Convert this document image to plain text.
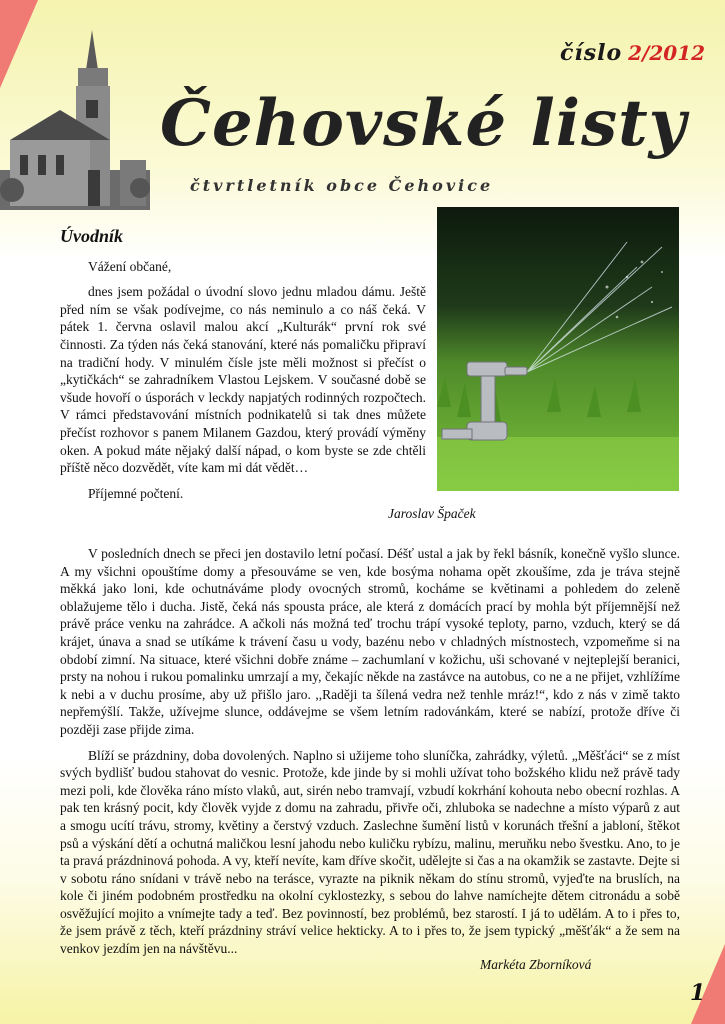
číslo 2/2012
Čehovské listy
čtvrtletník obce Čehovice
Úvodník

Vážení občané,

dnes jsem požádal o úvodní slovo jednu mladou dámu. Ještě před ním se však podívejme, co nás neminulo a co náš čeká. V pátek 1. června oslavil malou akcí „Kulturák“ první rok své činnosti. Za týden nás čeká stanování, které nás pomaličku připraví na tradiční hody. V minulém čísle jste měli možnost si přečíst o „kytičkách“ se zahradníkem Vlastou Lejskem. V současné době se všude hovoří o úsporách v leckdy napjatých rodinných rozpočtech. V rámci představování místních podnikatelů si tak dnes můžete přečíst rozhovor s panem Milanem Gazdou, který provádí výměny oken. A pokud máte nějaký další nápad, o kom byste se zde chtěli příště něco dozvědět, víte kam mi dát vědět…

Příjemné počtení.

Jaroslav Špaček

V posledních dnech se přeci jen dostavilo letní počasí. Déšť ustal a jak by řekl básník, konečně vyšlo slunce. A my všichni opouštíme domy a přesouváme se ven, kde bosýma nohama opět zkoušíme, zda je tráva stejně měkká jako loni, kde ochutnáváme plody ovocných stromů, kocháme se květinami a pohledem do zeleně oblažujeme tělo i ducha. Jistě, čeká nás spousta práce, ale která z domácích prací by mohla být příjemnější než právě práce venku na zahrádce. A ačkoli nás možná teď trochu trápí vysoké teploty, parno, vzduch, který se dá krájet, únava a snad se utíkáme k trávení času u vody, bazénu nebo v chladných místnostech, vzpomeňme si na období zimní. Na situace, které všichni dobře známe – zachumlaní v kožichu, uši schované v nejteplejší beranici, prsty na nohou i rukou pomalinku umrzají a my, čekajíc někde na zastávce na autobus, co ne a ne přijet, vzhlížíme k nebi a v duchu prosíme, aby už přišlo jaro. ,,Raději ta šílená vedra než tenhle mráz!“, kdo z nás v zimě takto nepřemýšlí. Takže, užívejme slunce, oddávejme se všem letním radovánkám, které se nabízí, protože dříve či později zase přijde zima.

Blíží se prázdniny, doba dovolených. Naplno si užijeme toho sluníčka, zahrádky, výletů. „Měšťáci“ se z míst svých bydlišť budou stahovat do vesnic. Protože, kde jinde by si mohli užívat toho božského klidu než právě tady mezi poli, kde člověka ráno místo vlaků, aut, sirén nebo tramvají, vzbudí kokrhání kohouta nebo obecní rozhlas. A pak ten krásný pocit, kdy člověk vyjde z domu na zahradu, přivře oči, zhluboka se nadechne a místo výparů z aut a smogu ucítí trávu, stromy, květiny a čerstvý vzduch. Zaslechne šumění listů v korunách třešní a jabloní, štěkot psů a výskání dětí a ochutná maličkou lesní jahodu nebo kuličku rybízu, malinu, meruňku nebo švestku. Ano, to je ta pravá prázdninová pohoda. A vy, kteří nevíte, kam dříve skočit, udělejte si čas a na okamžik se zastavte. Dejte si v sobotu ráno snídani v trávě nebo na terásce, vyrazte na piknik někam do stínu stromů, vyjeďte na bruslích, na kole či jiném podobném prostředku na okolní cyklostezky, s sebou do lahve namíchejte dětem citronádu a sobě osvěžující mojito a vnímejte tady a teď. Bez povinností, bez problémů, bez starostí. I já to udělám. A to i přes to, že jsem právě z těch, kteří prázdniny stráví velice hekticky. A to i přes to, že jsem typický „měšťák“ a že sem na venkov jezdím jen na návštěvu...

Markéta Zborníková
1
